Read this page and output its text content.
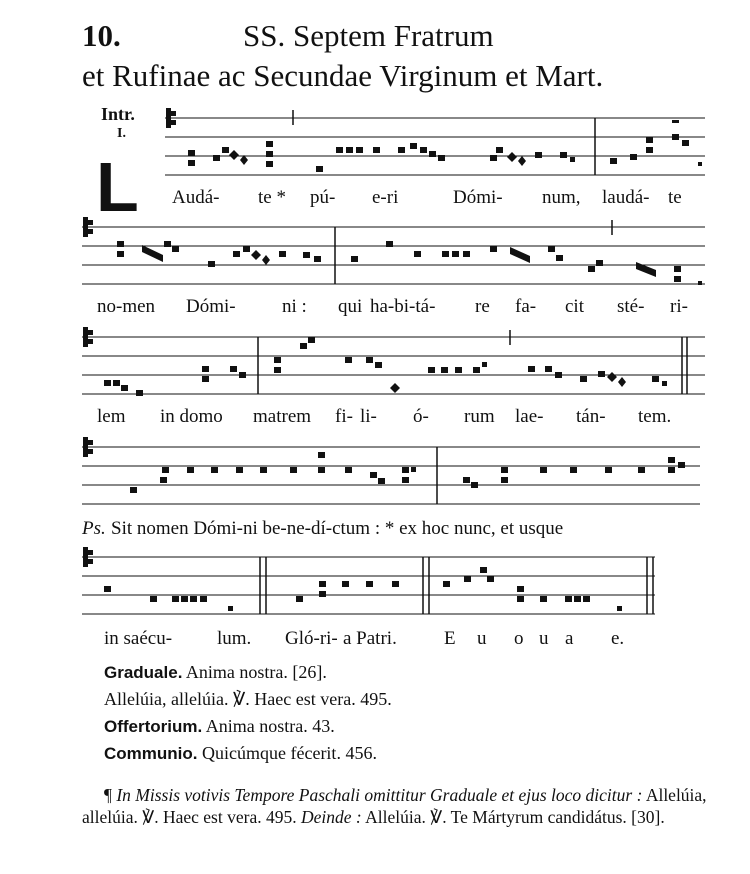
10.	SS. Septem Fratrum
et Rufinae ac Secundae Virginum et Mart.
Intr.
I.
L Audá- te * pú- e-ri	Dómi- num, laudá- te
no-men Dómi- ni : qui ha-bi-tá- re fa- cit sté- ri-
lem in domo matrem fi- li- ó- rum lae- tán- tem.
Ps. Sit nomen Dómi-ni be-ne-dí-ctum : * ex hoc nunc, et usque
in saécu- lum. Gló-ri- a Patri. E u o u a e.
Graduale. Anima nostra. [26].
Allelúia, allelúia. ℣. Haec est vera. 495.
Offertorium. Anima nostra. 43.
Communio. Quicúmque fécerit. 456.
¶ In Missis votivis Tempore Paschali omittitur Graduale et ejus loco dicitur : Allelúia, allelúia. ℣. Haec est vera. 495. Deinde : Allelúia. ℣. Te Mártyrum candidátus. [30].
